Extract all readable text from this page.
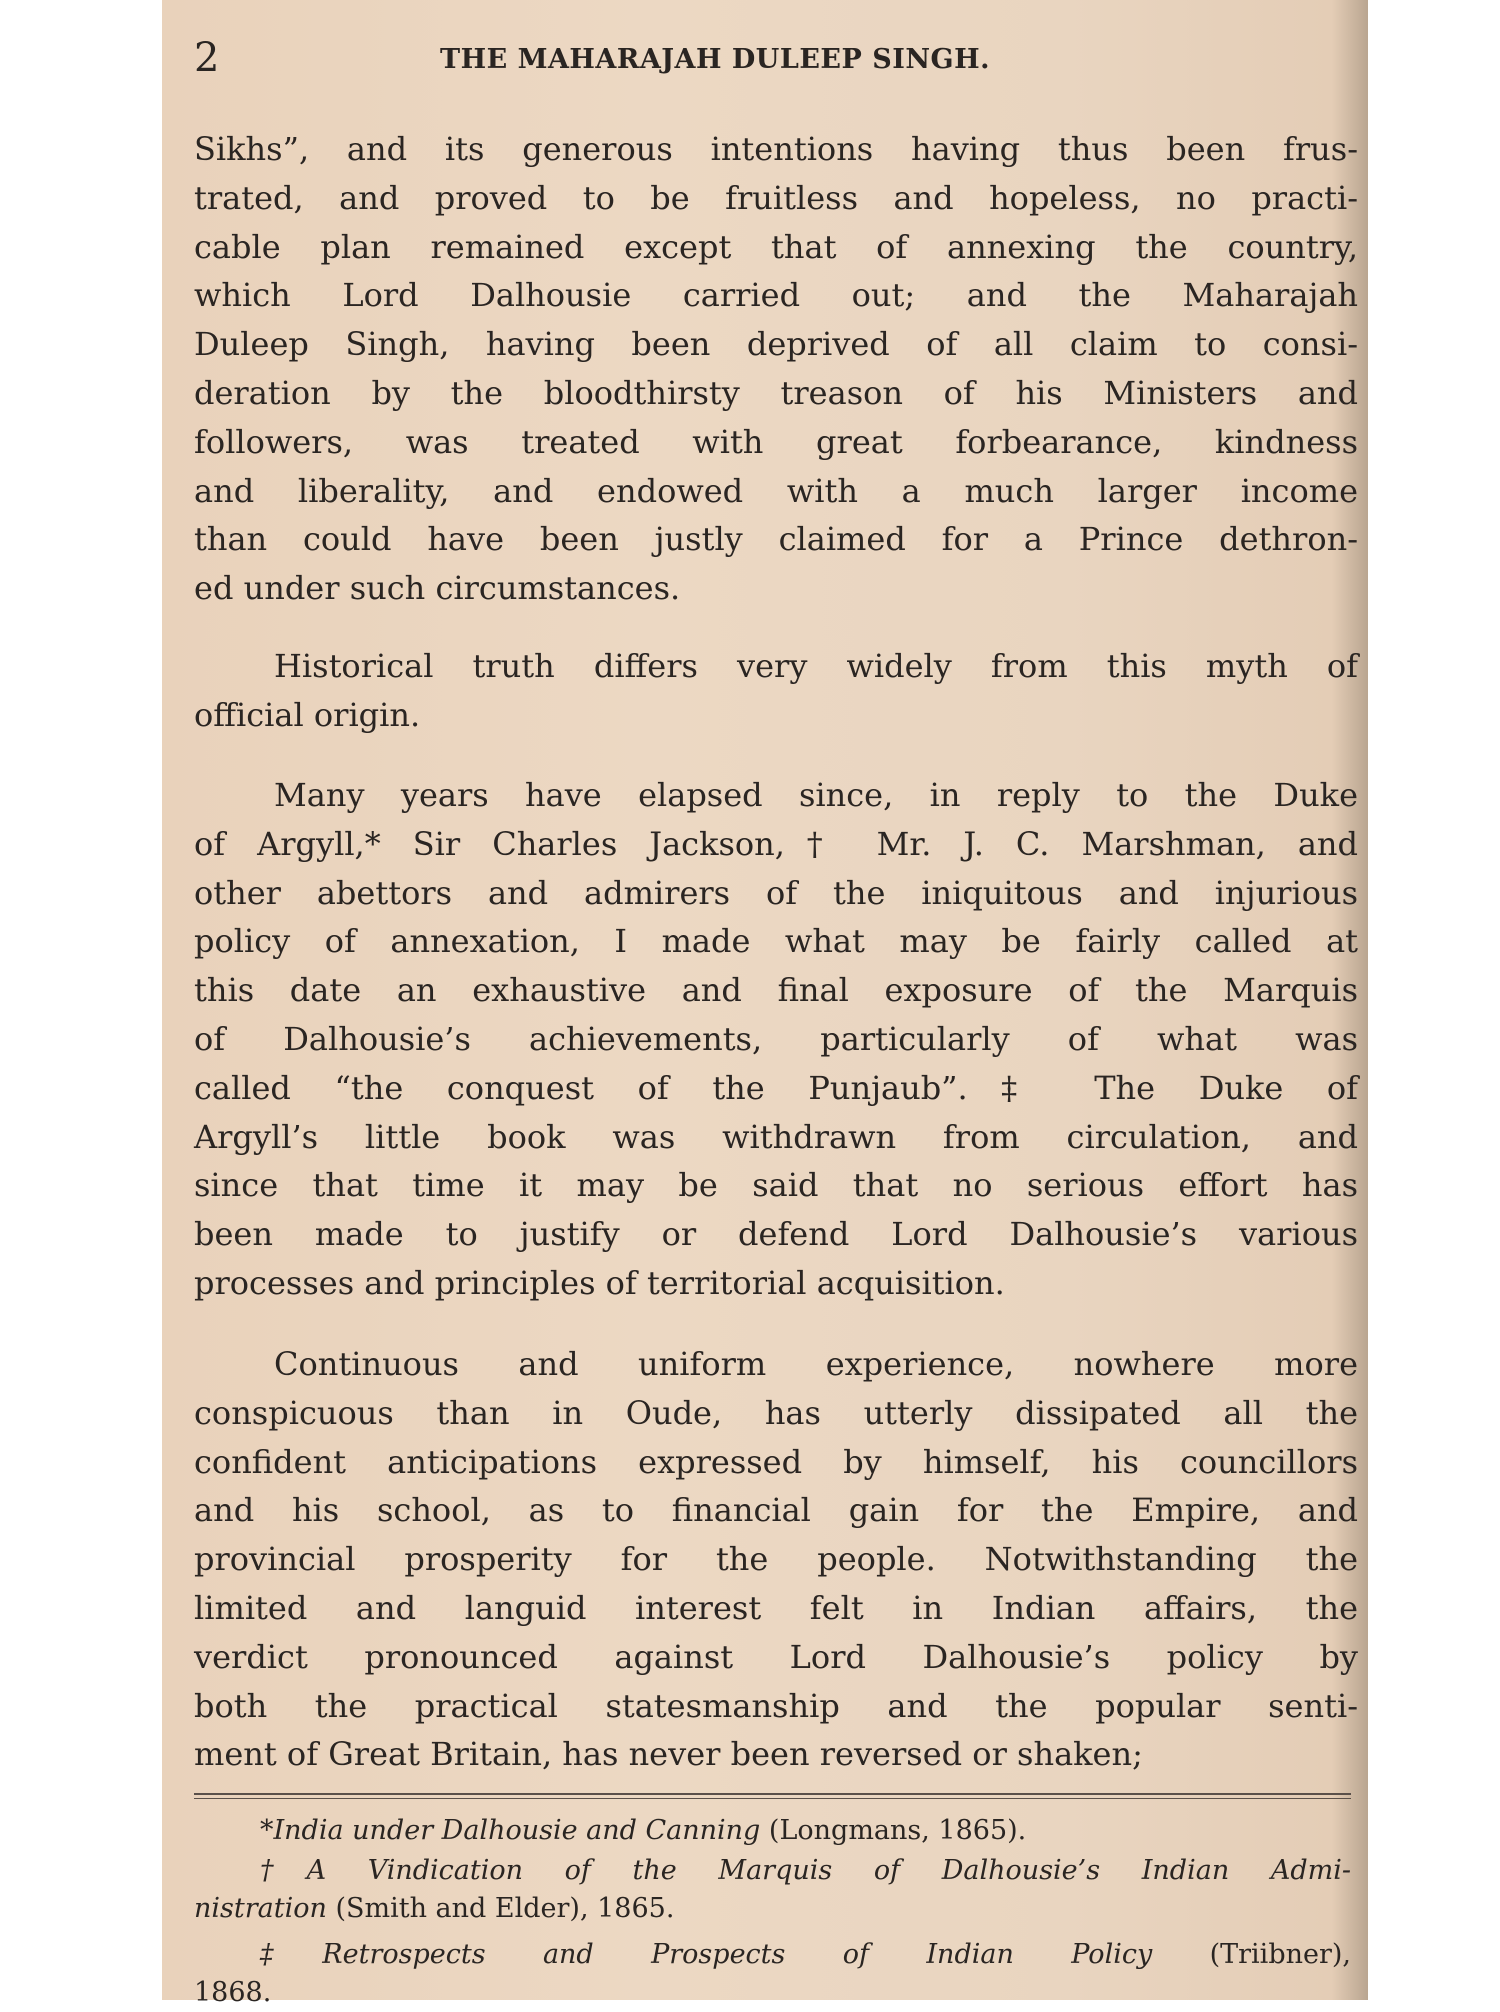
2	THE MAHARAJAH DULEEP SINGH.
Sikhs”, and its generous intentions having thus been frus-
trated, and proved to be fruitless and hopeless, no practi-
cable plan remained except that of annexing the country,
which Lord Dalhousie carried out; and the Maharajah
Duleep Singh, having been deprived of all claim to consi-
deration by the bloodthirsty treason of his Ministers and
followers, was treated with great forbearance, kindness
and liberality, and endowed with a much larger income
than could have been justly claimed for a Prince dethron-
ed under such circumstances.
Historical truth differs very widely from this myth of
official origin.
Many years have elapsed since, in reply to the Duke
of Argyll,* Sir Charles Jackson,† Mr. J. C. Marshman, and
other abettors and admirers of the iniquitous and injurious
policy of annexation, I made what may be fairly called at
this date an exhaustive and final exposure of the Marquis
of Dalhousie’s achievements, particularly of what was
called “the conquest of the Punjaub”.‡ The Duke of
Argyll’s little book was withdrawn from circulation, and
since that time it may be said that no serious effort has
been made to justify or defend Lord Dalhousie’s various
processes and principles of territorial acquisition.
Continuous and uniform experience, nowhere more
conspicuous than in Oude, has utterly dissipated all the
confident anticipations expressed by himself, his councillors
and his school, as to financial gain for the Empire, and
provincial prosperity for the people. Notwithstanding the
limited and languid interest felt in Indian affairs, the
verdict pronounced against Lord Dalhousie’s policy by
both the practical statesmanship and the popular senti-
ment of Great Britain, has never been reversed or shaken;
*India under Dalhousie and Canning (Longmans, 1865).
†A Vindication of the Marquis of Dalhousie’s Indian Admi-
nistration (Smith and Elder), 1865.
‡Retrospects and Prospects of Indian Policy (Triibner),
1868.
